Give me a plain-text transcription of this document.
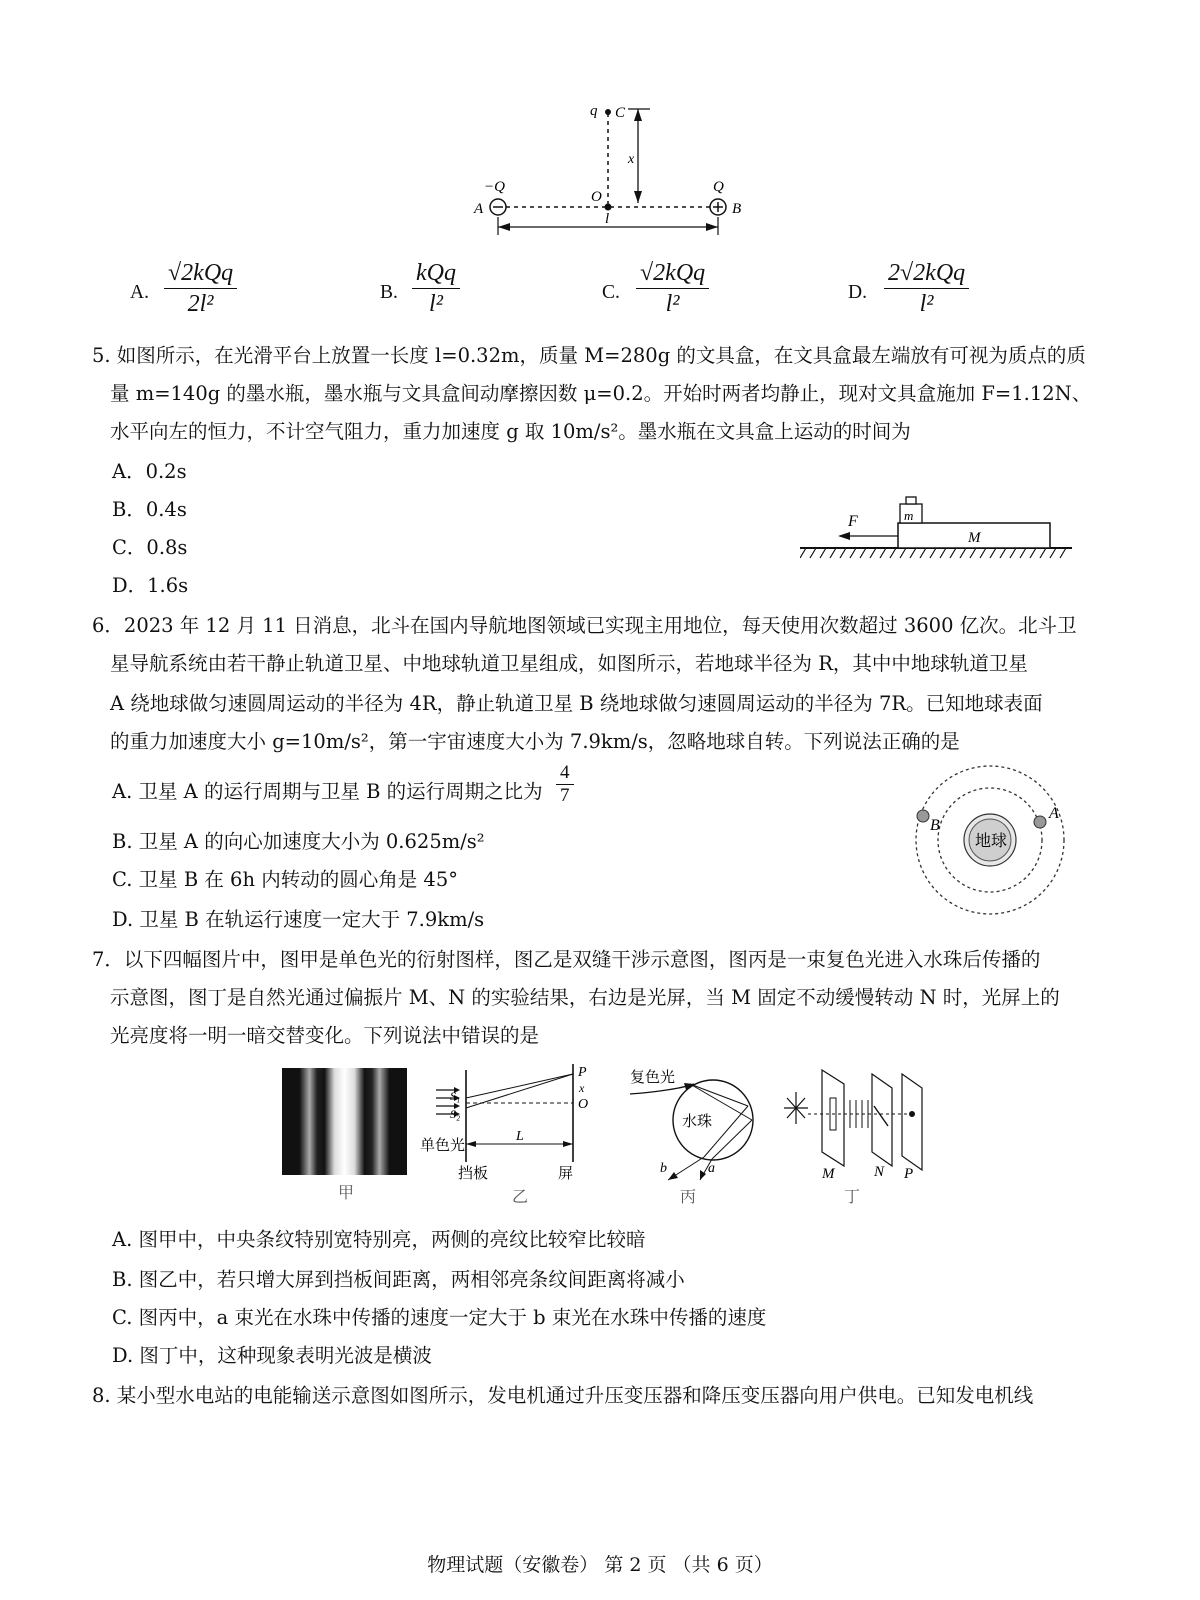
q C
x
−Q	Q
A
O
B
l
A.
√2kQq
2l²	B.
kQq
l²	C.
√2kQq
l²	D.
2√2kQq
l²
5. 如图所示，在光滑平台上放置一长度 l=0.32m，质量 M=280g 的文具盒，在文具盒最左端放有可视为质点的质
量 m=140g 的墨水瓶，墨水瓶与文具盒间动摩擦因数 μ=0.2。开始时两者均静止，现对文具盒施加 F=1.12N、
水平向左的恒力，不计空气阻力，重力加速度 g 取 10m/s²。墨水瓶在文具盒上运动的时间为
A．0.2s
B．0.4s
C．0.8s
D．1.6s
F	m
M
6．2023 年 12 月 11 日消息，北斗在国内导航地图领域已实现主用地位，每天使用次数超过 3600 亿次。北斗卫
星导航系统由若干静止轨道卫星、中地球轨道卫星组成，如图所示，若地球半径为 R，其中中地球轨道卫星
A 绕地球做匀速圆周运动的半径为 4R，静止轨道卫星 B 绕地球做匀速圆周运动的半径为 7R。已知地球表面
的重力加速度大小 g=10m/s²，第一宇宙速度大小为 7.9km/s，忽略地球自转。下列说法正确的是
A. 卫星 A 的运行周期与卫星 B 的运行周期之比为 $\frac{4}{7}$
B. 卫星 A 的向心加速度大小为 0.625m/s²
C. 卫星 B 在 6h 内转动的圆心角是 45°
D. 卫星 B 在轨运行速度一定大于 7.9km/s
B
A
地球
7．以下四幅图片中，图甲是单色光的衍射图样，图乙是双缝干涉示意图，图丙是一束复色光进入水珠后传播的
示意图，图丁是自然光通过偏振片 M、N 的实验结果，右边是光屏，当 M 固定不动缓慢转动 N 时，光屏上的
光亮度将一明一暗交替变化。下列说法中错误的是
甲
P
x
O
S₁
S₂
L
单色光
挡板	屏
乙
复色光
水珠
b	a
丙
M	N P
丁
A. 图甲中，中央条纹特别宽特别亮，两侧的亮纹比较窄比较暗
B. 图乙中，若只增大屏到挡板间距离，两相邻亮条纹间距离将减小
C. 图丙中，a 束光在水珠中传播的速度一定大于 b 束光在水珠中传播的速度
D. 图丁中，这种现象表明光波是横波
8. 某小型水电站的电能输送示意图如图所示，发电机通过升压变压器和降压变压器向用户供电。已知发电机线
物理试题（安徽卷） 第 2 页 （共 6 页）
